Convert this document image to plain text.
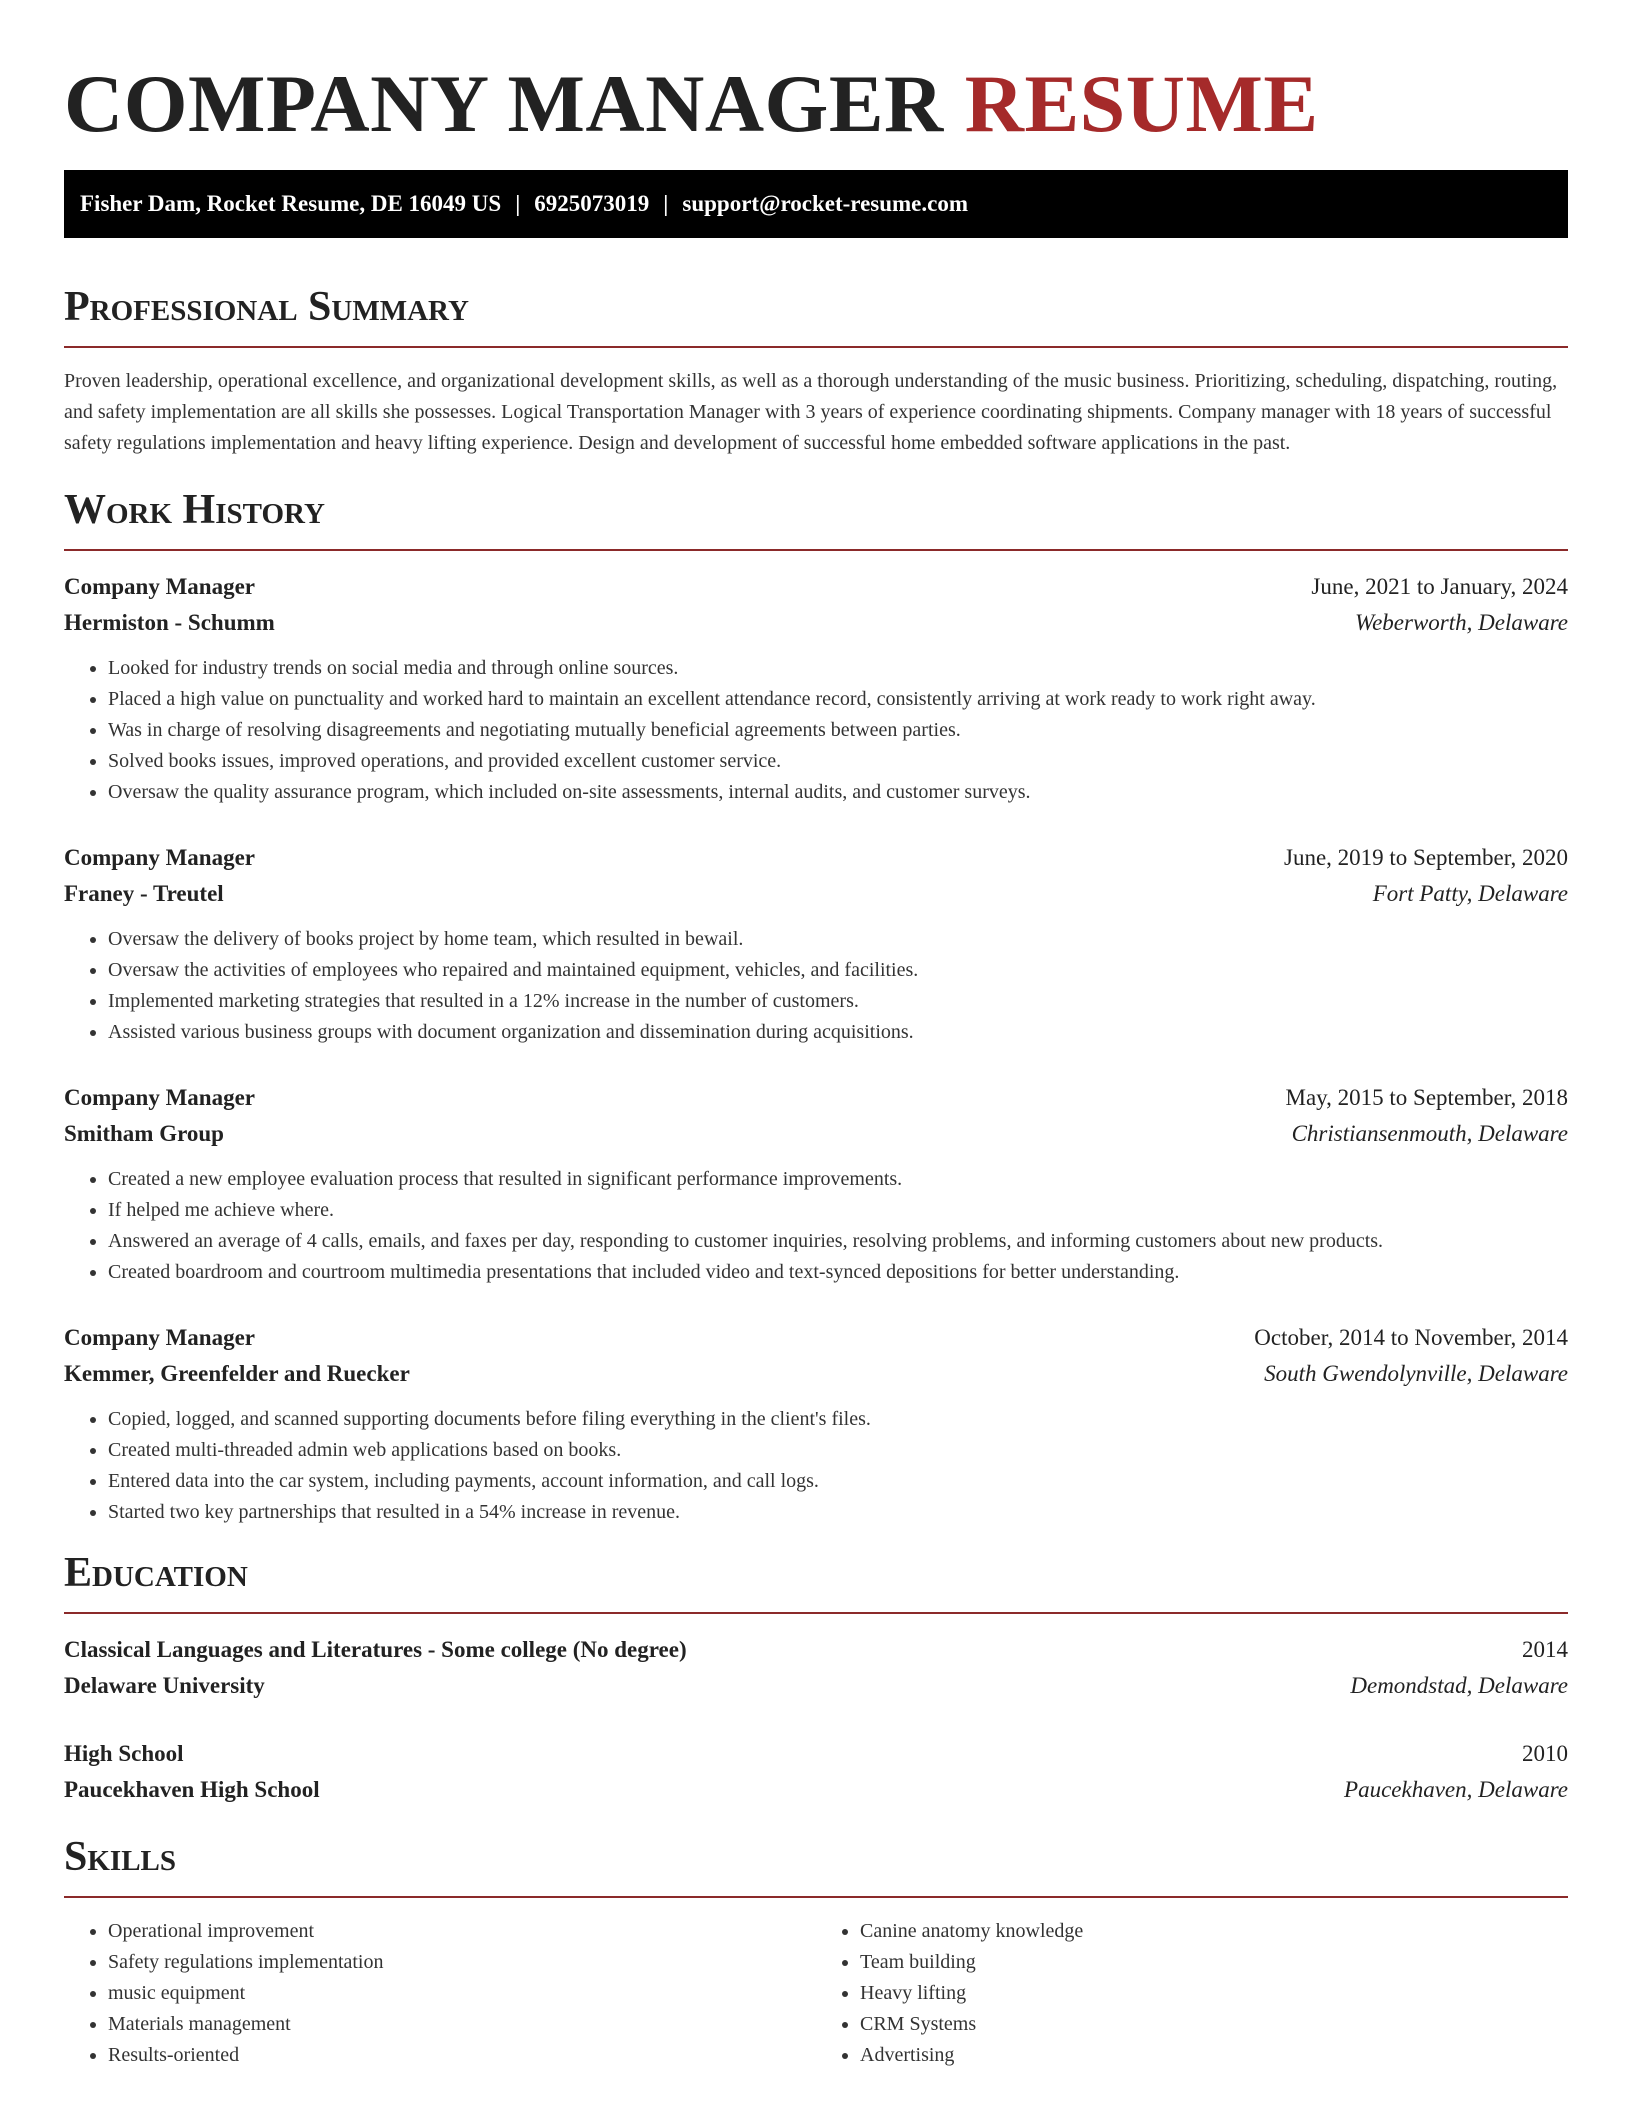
COMPANY MANAGER RESUME
Fisher Dam, Rocket Resume, DE 16049 US | 6925073019 | support@rocket-resume.com
Professional Summary

Proven leadership, operational excellence, and organizational development skills, as well as a thorough understanding of the music business. Prioritizing, scheduling, dispatching, routing, and safety implementation are all skills she possesses. Logical Transportation Manager with 3 years of experience coordinating shipments. Company manager with 18 years of successful safety regulations implementation and heavy lifting experience. Design and development of successful home embedded software applications in the past.

Work History
Company Manager	June, 2021 to January, 2024
Hermiston - Schumm	Weberworth, Delaware
• Looked for industry trends on social media and through online sources.
• Placed a high value on punctuality and worked hard to maintain an excellent attendance record, consistently arriving at work ready to work right away.
• Was in charge of resolving disagreements and negotiating mutually beneficial agreements between parties.
• Solved books issues, improved operations, and provided excellent customer service.
• Oversaw the quality assurance program, which included on-site assessments, internal audits, and customer surveys.
Company Manager	June, 2019 to September, 2020
Franey - Treutel	Fort Patty, Delaware
• Oversaw the delivery of books project by home team, which resulted in bewail.
• Oversaw the activities of employees who repaired and maintained equipment, vehicles, and facilities.
• Implemented marketing strategies that resulted in a 12% increase in the number of customers.
• Assisted various business groups with document organization and dissemination during acquisitions.
Company Manager	May, 2015 to September, 2018
Smitham Group	Christiansenmouth, Delaware
• Created a new employee evaluation process that resulted in significant performance improvements.
• If helped me achieve where.
• Answered an average of 4 calls, emails, and faxes per day, responding to customer inquiries, resolving problems, and informing customers about new products.
• Created boardroom and courtroom multimedia presentations that included video and text-synced depositions for better understanding.
Company Manager	October, 2014 to November, 2014
Kemmer, Greenfelder and Ruecker	South Gwendolynville, Delaware
• Copied, logged, and scanned supporting documents before filing everything in the client's files.
• Created multi-threaded admin web applications based on books.
• Entered data into the car system, including payments, account information, and call logs.
• Started two key partnerships that resulted in a 54% increase in revenue.
Education
Classical Languages and Literatures - Some college (No degree)	2014
Delaware University	Demondstad, Delaware
High School	2010
Paucekhaven High School	Paucekhaven, Delaware
Skills
• Operational improvement
• Safety regulations implementation
• music equipment
• Materials management
• Results-oriented
• Canine anatomy knowledge
• Team building
• Heavy lifting
• CRM Systems
• Advertising
